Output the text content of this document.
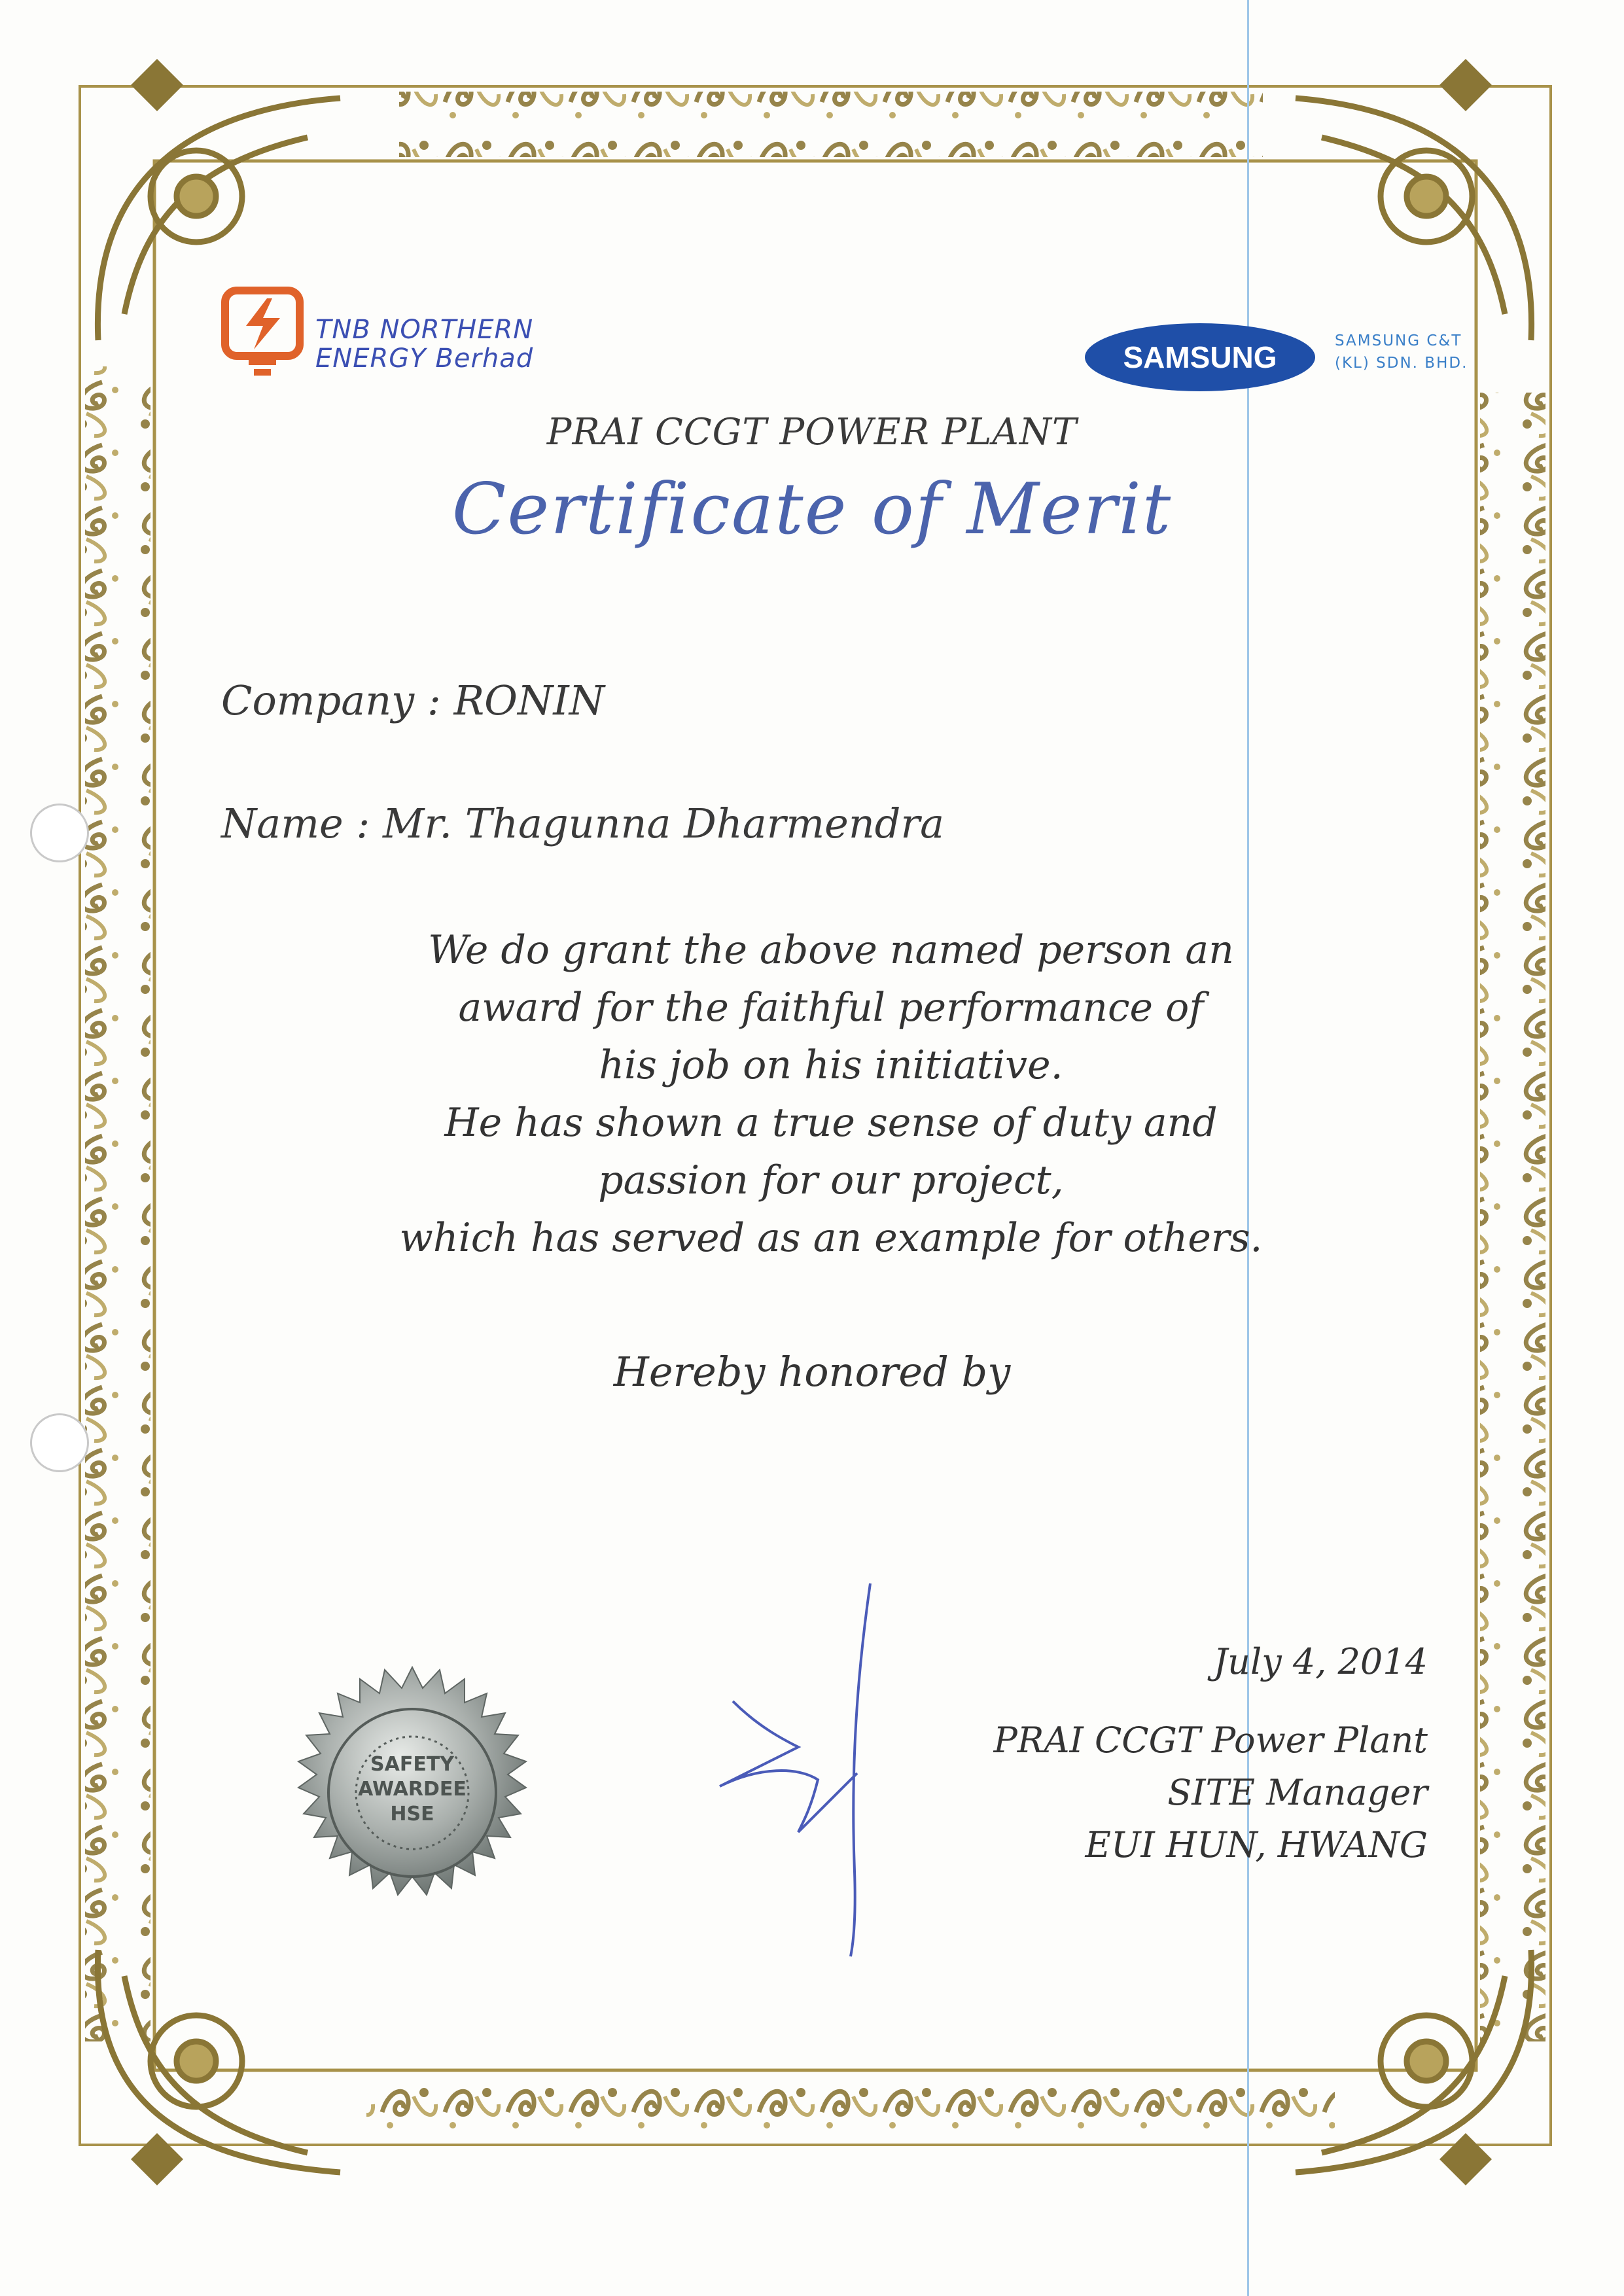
TNB NORTHERN
ENERGY Berhad	SAMSUNG	SAMSUNG C&T
(KL) SDN. BHD.
PRAI CCGT POWER PLANT
Certificate of Merit
Company : RONIN
Name : Mr. Thagunna Dharmendra
We do grant the above named person an
award for the faithful performance of
his job on his initiative.
He has shown a true sense of duty and
passion for our project,
which has served as an example for others.
Hereby honored by
SAFETY
AWARDEE
HSE
July 4, 2014
PRAI CCGT Power Plant
SITE Manager
EUI HUN, HWANG
